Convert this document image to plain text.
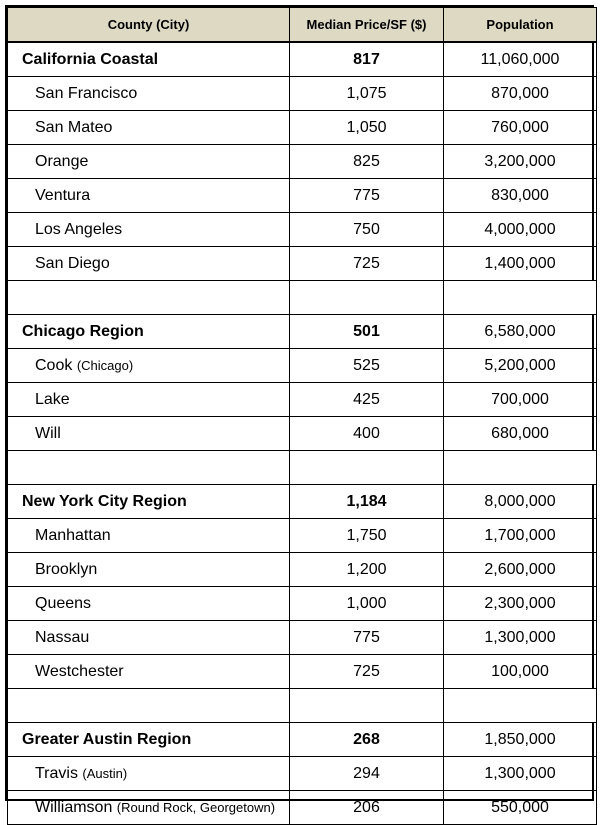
County (City)	Median Price/SF ($)	Population
California Coastal	817	11,060,000
San Francisco	1,075	870,000
San Mateo	1,050	760,000
Orange	825	3,200,000
Ventura	775	830,000
Los Angeles	750	4,000,000
San Diego	725	1,400,000

Chicago Region	501	6,580,000
Cook (Chicago)	525	5,200,000
Lake	425	700,000
Will	400	680,000

New York City Region	1,184	8,000,000
Manhattan	1,750	1,700,000
Brooklyn	1,200	2,600,000
Queens	1,000	2,300,000
Nassau	775	1,300,000
Westchester	725	100,000

Greater Austin Region	268	1,850,000
Travis (Austin)	294	1,300,000
Williamson (Round Rock, Georgetown)	206	550,000
